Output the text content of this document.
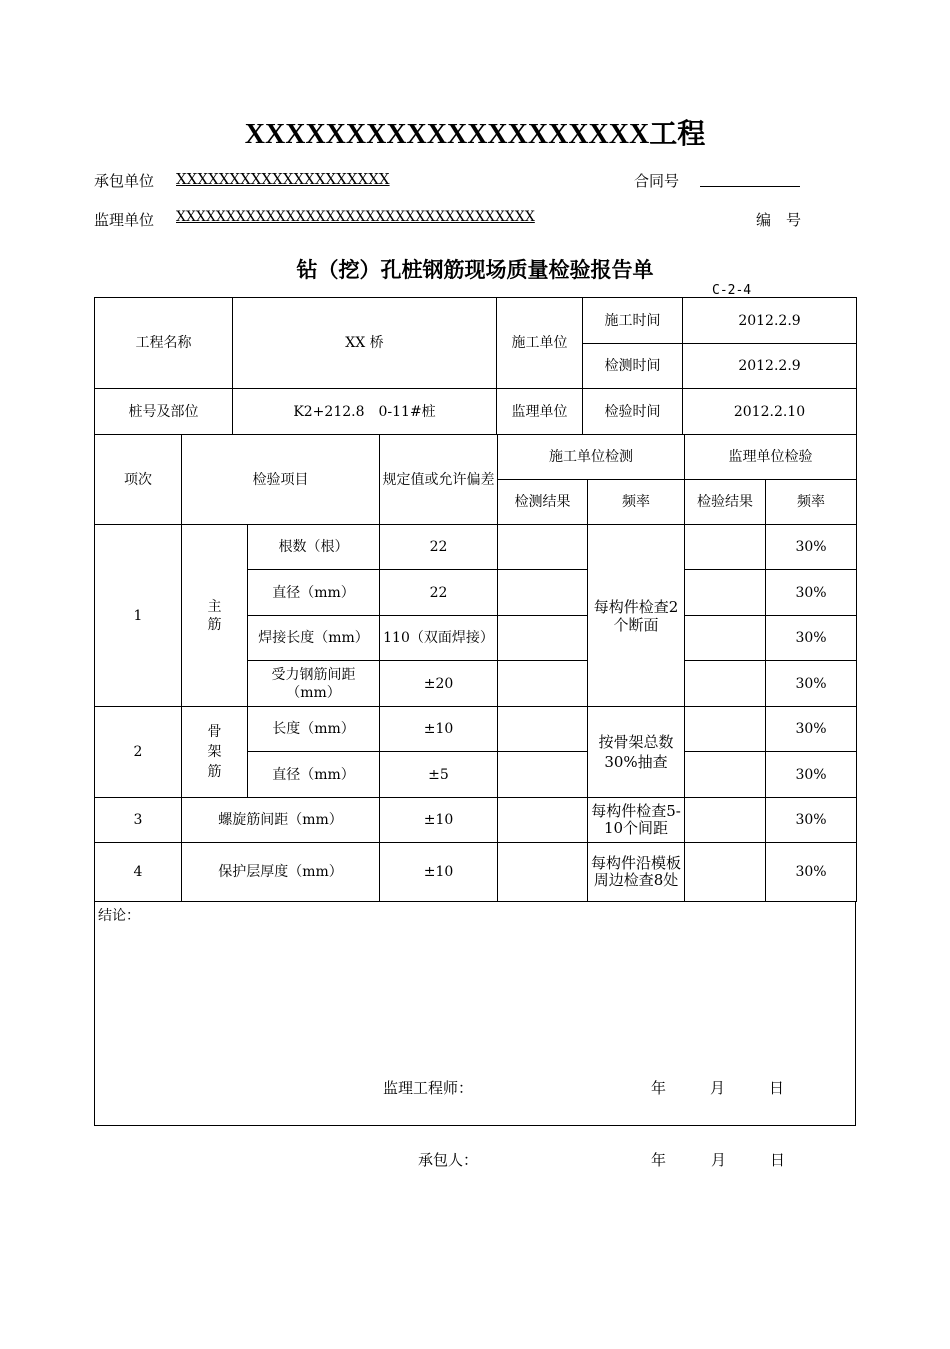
XXXXXXXXXXXXXXXXXXXX工程
承包单位	XXXXXXXXXXXXXXXXXXXX	合同号
监理单位	XXXXXXXXXXXXXXXXXXXXXXXXXXXXXXXXXXXX	编　号
钻（挖）孔桩钢筋现场质量检验报告单
C-2-4
工程名称	XX 桥	施工单位	施工时间	2012.2.9
			检测时间	2012.2.9
桩号及部位	K2+212.8　0-11#桩	监理单位	检验时间	2012.2.10
项次	检验项目		规定值或允许偏差	施工单位检测		监理单位检验	
				检测结果	频率	检验结果	频率
1	主筋	根数（根）	22		每构件检查2个断面		30%
		直径（mm）	22				30%
		焊接长度（mm）	110（双面焊接）				30%
		受力钢筋间距（mm）	±20				30%
2	骨架筋	长度（mm）	±10		按骨架总数30%抽查		30%
		直径（mm）	±5				30%
3	螺旋筋间距（mm）		±10		每构件检查5-10个间距		30%
4	保护层厚度（mm）		±10		每构件沿模板周边检查8处		30%
结论：
监理工程师：	年	月	日
承包人：	年	月	日
